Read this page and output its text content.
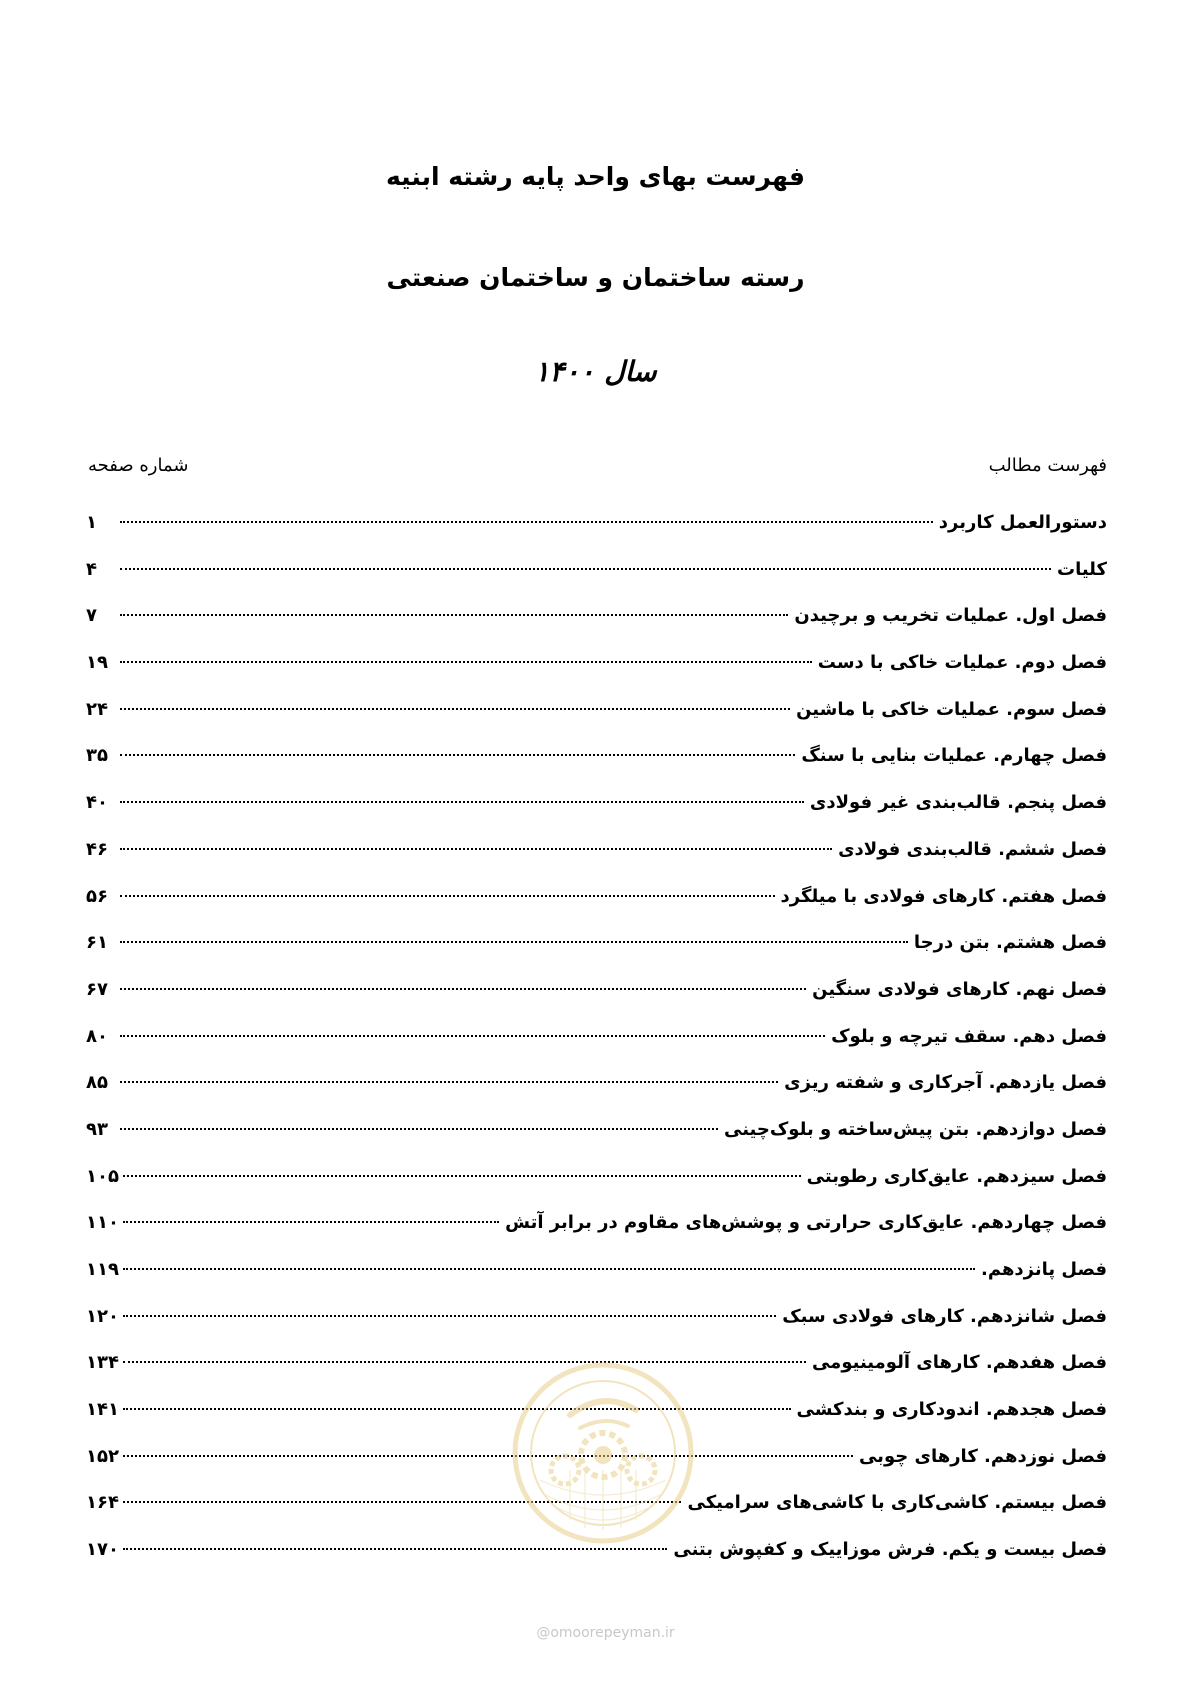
فهرست بهای واحد پایه رشته ابنیه
رسته ساختمان و ساختمان صنعتی
سال ۱۴۰۰
فهرست مطالب
شماره صفحه
دستورالعمل کاربرد
۱
کلیات
۴
فصل اول. عملیات تخریب و برچیدن
۷
فصل دوم. عملیات خاکی با دست
۱۹
فصل سوم. عملیات خاکی با ماشین
۲۴
فصل چهارم. عملیات بنایی با سنگ
۳۵
فصل پنجم. قالب‌بندی غیر فولادی
۴۰
فصل ششم. قالب‌بندی فولادی
۴۶
فصل هفتم. کارهای فولادی با میلگرد
۵۶
فصل هشتم. بتن درجا
۶۱
فصل نهم. کارهای فولادی سنگین
۶۷
فصل دهم. سقف تیرچه و بلوک
۸۰
فصل یازدهم. آجرکاری و شفته ریزی
۸۵
فصل دوازدهم. بتن پیش‌ساخته و بلوک‌چینی
۹۳
فصل سیزدهم. عایق‌کاری رطوبتی
۱۰۵
فصل چهاردهم. عایق‌کاری حرارتی و پوشش‌های مقاوم در برابر آتش
۱۱۰
فصل پانزدهم.
۱۱۹
فصل شانزدهم. کارهای فولادی سبک
۱۲۰
فصل هفدهم. کارهای آلومینیومی
۱۳۴
فصل هجدهم. اندودکاری و بندکشی
۱۴۱
فصل نوزدهم. کارهای چوبی
۱۵۲
فصل بیستم. کاشی‌کاری با کاشی‌های سرامیکی
۱۶۴
فصل بیست و یکم. فرش موزاییک و کفپوش بتنی
۱۷۰
@omoorepeyman.ir
